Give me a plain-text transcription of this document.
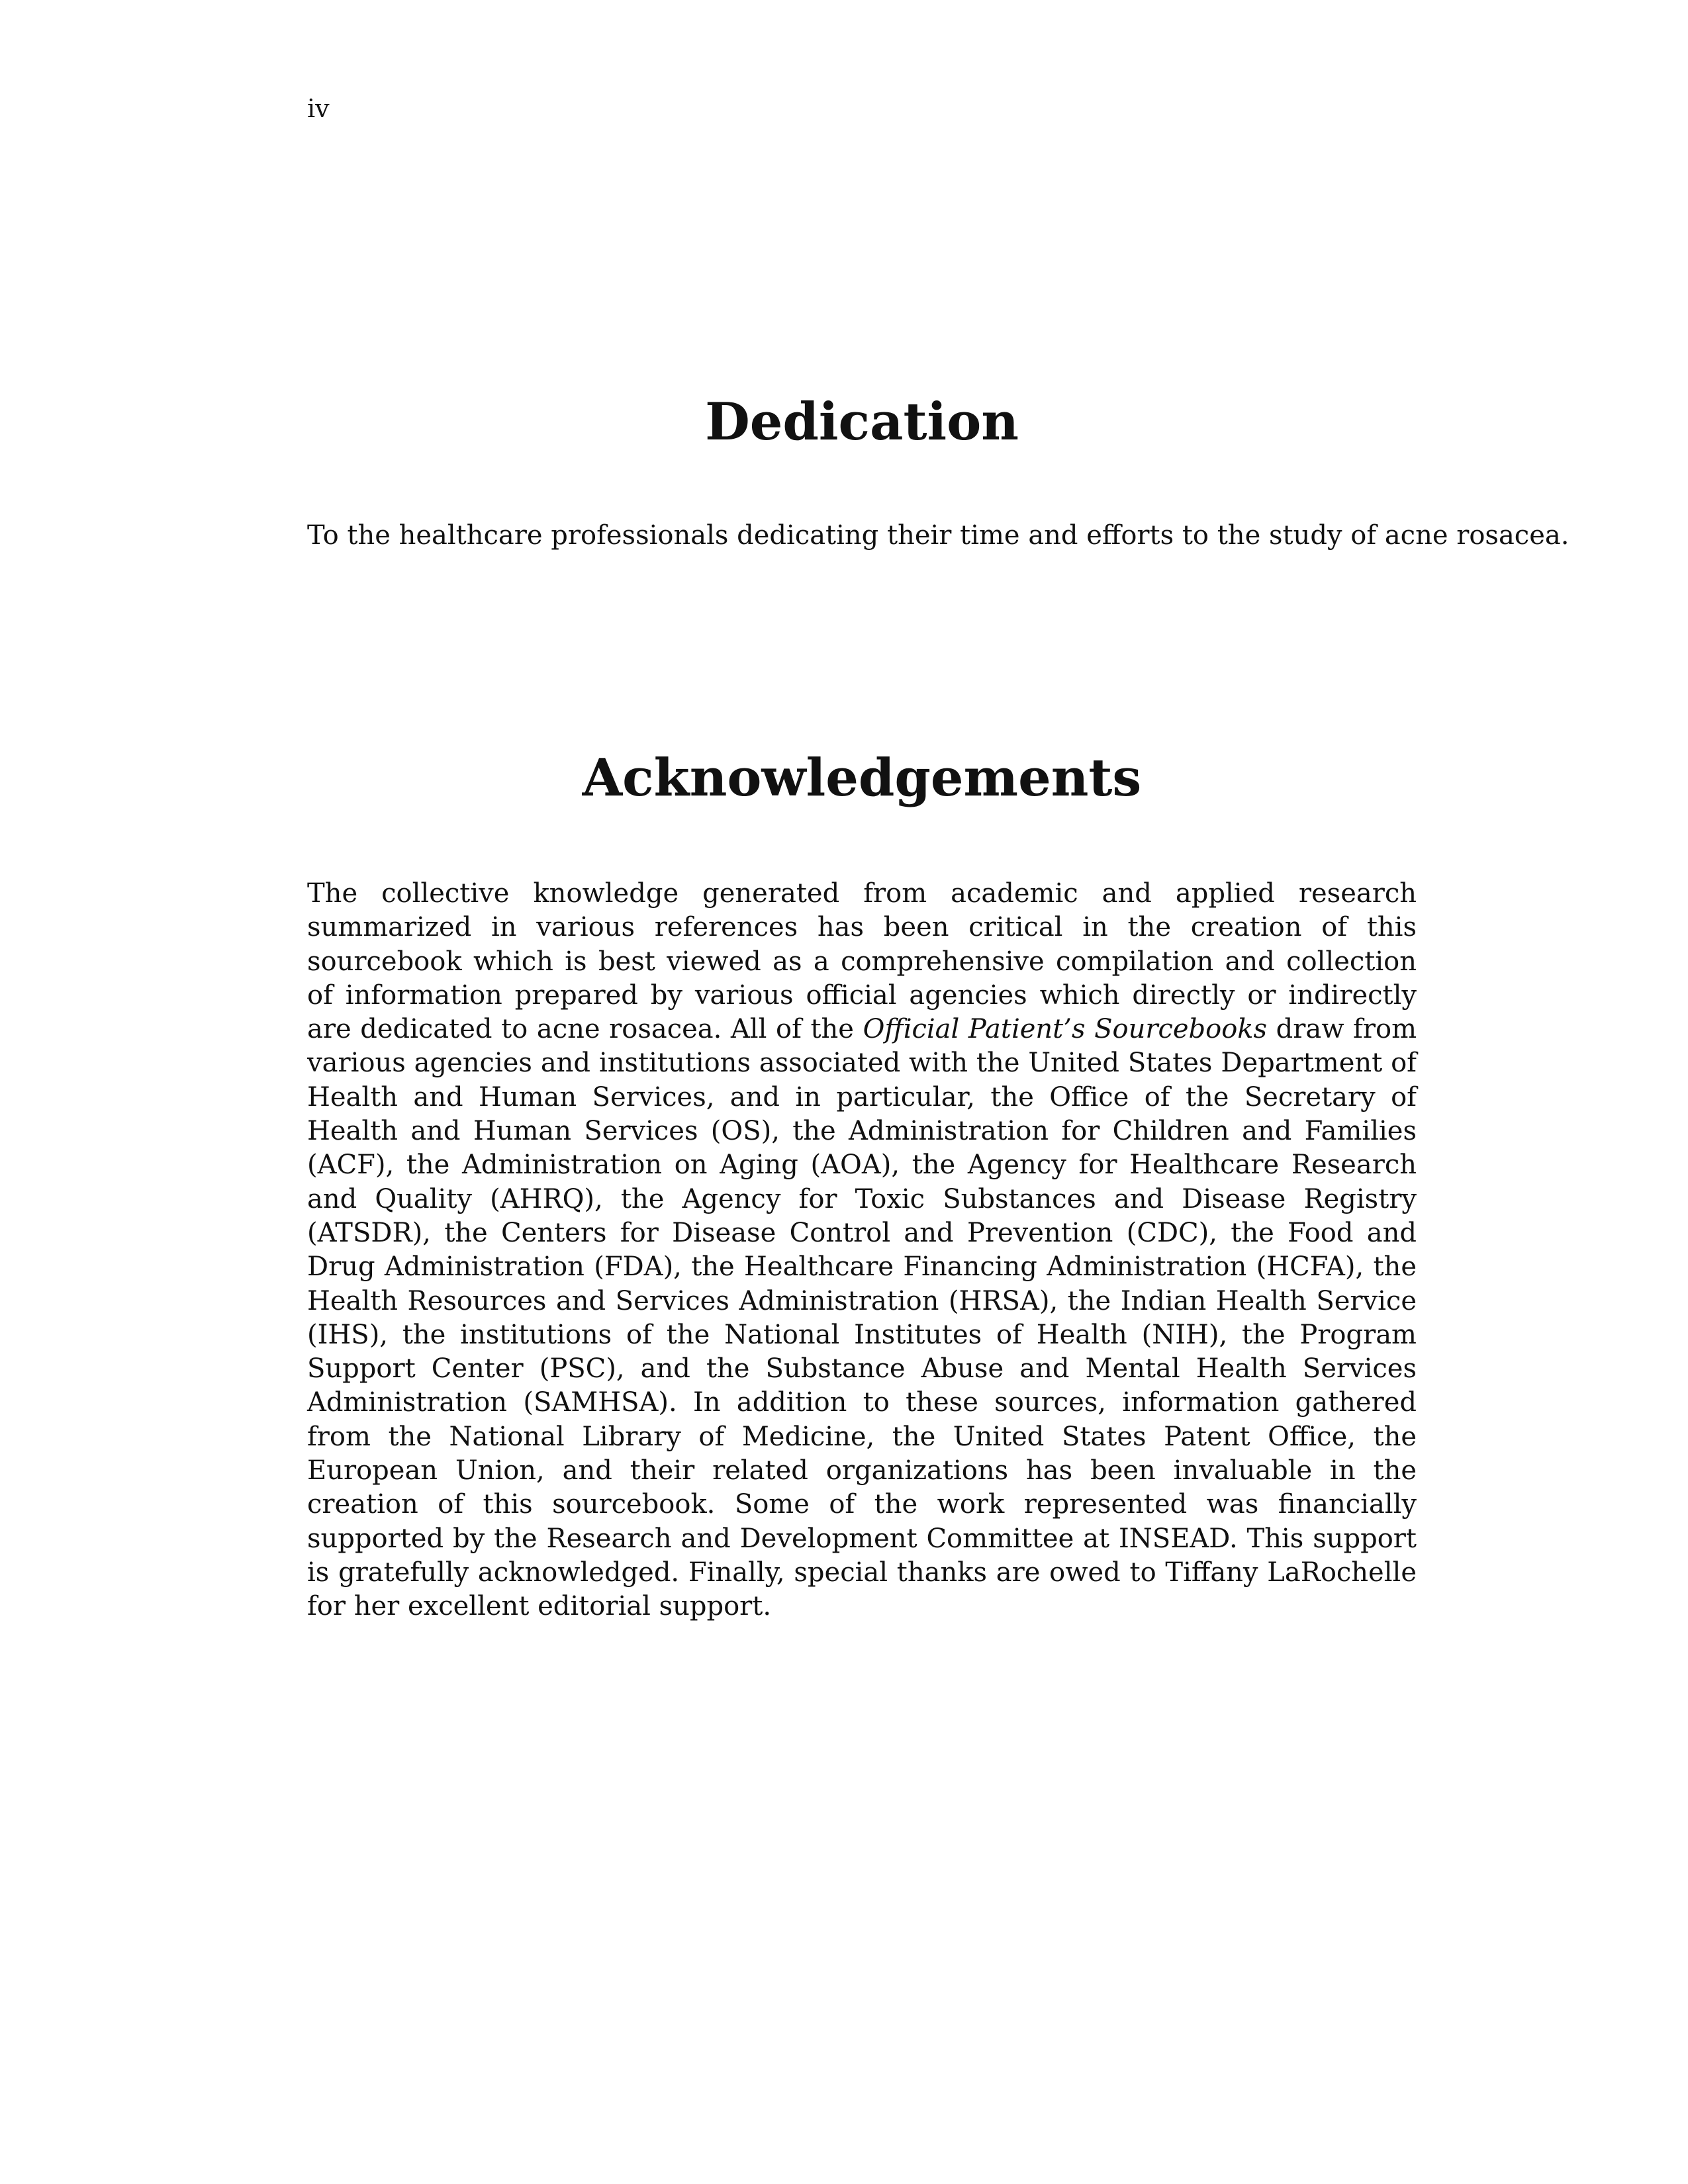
iv

Dedication

To the healthcare professionals dedicating their time and efforts to the study of acne rosacea.

Acknowledgements

The collective knowledge generated from academic and applied research summarized in various references has been critical in the creation of this sourcebook which is best viewed as a comprehensive compilation and collection of information prepared by various official agencies which directly or indirectly are dedicated to acne rosacea. All of the Official Patient’s Sourcebooks draw from various agencies and institutions associated with the United States Department of Health and Human Services, and in particular, the Office of the Secretary of Health and Human Services (OS), the Administration for Children and Families (ACF), the Administration on Aging (AOA), the Agency for Healthcare Research and Quality (AHRQ), the Agency for Toxic Substances and Disease Registry (ATSDR), the Centers for Disease Control and Prevention (CDC), the Food and Drug Administration (FDA), the Healthcare Financing Administration (HCFA), the Health Resources and Services Administration (HRSA), the Indian Health Service (IHS), the institutions of the National Institutes of Health (NIH), the Program Support Center (PSC), and the Substance Abuse and Mental Health Services Administration (SAMHSA). In addition to these sources, information gathered from the National Library of Medicine, the United States Patent Office, the European Union, and their related organizations has been invaluable in the creation of this sourcebook. Some of the work represented was financially supported by the Research and Development Committee at INSEAD. This support is gratefully acknowledged. Finally, special thanks are owed to Tiffany LaRochelle for her excellent editorial support.
